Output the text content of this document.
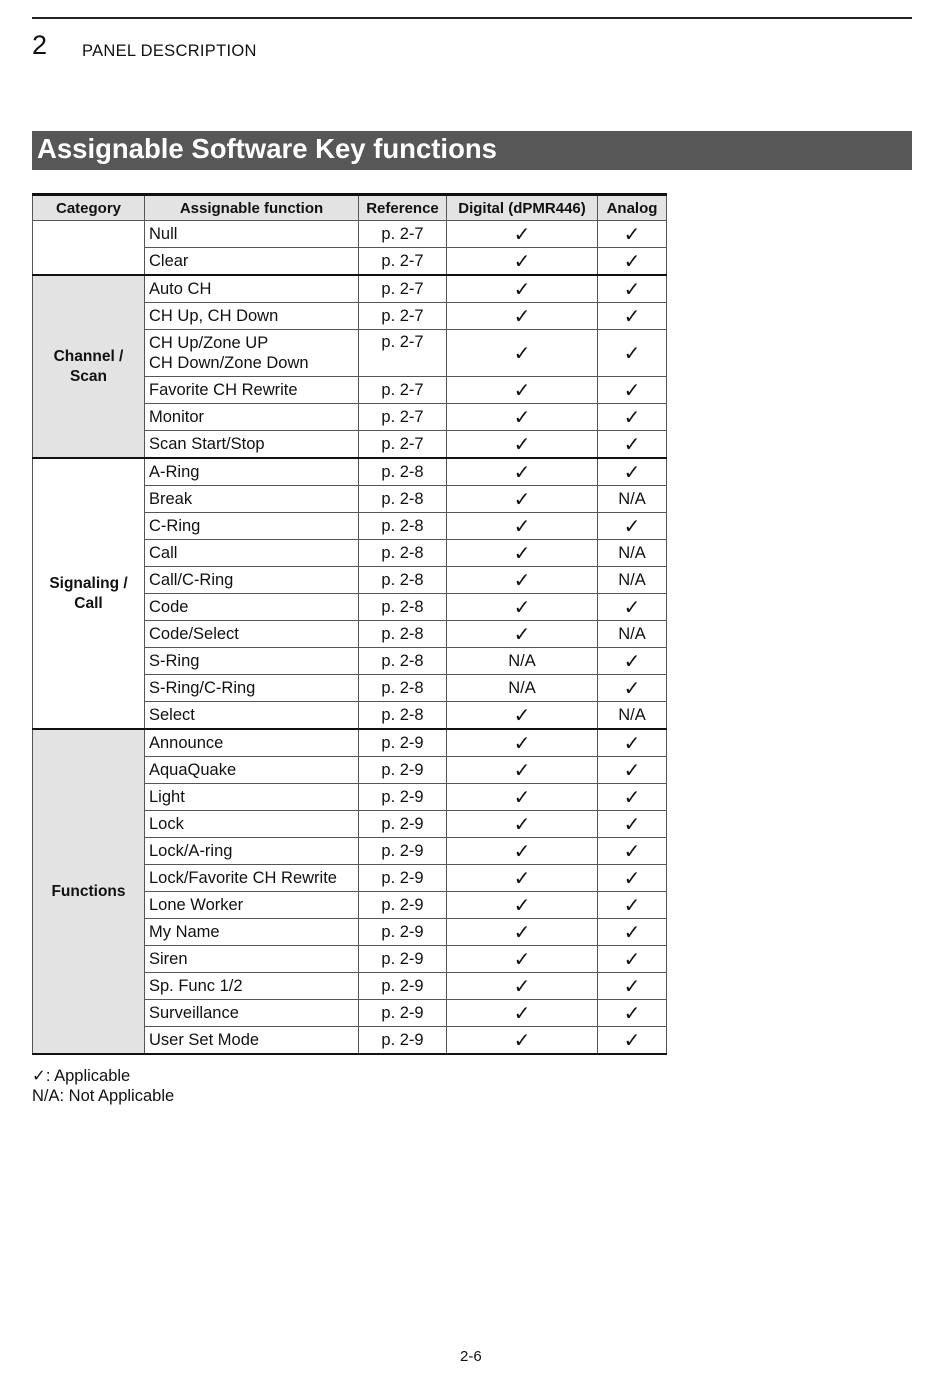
2 PANEL DESCRIPTION
Assignable Software Key functions
Category	Assignable function	Reference	Digital (dPMR446)	Analog
	Null	p. 2-7	✓	✓
	Clear	p. 2-7	✓	✓
Channel / Scan	Auto CH	p. 2-7	✓	✓
	CH Up, CH Down	p. 2-7	✓	✓
	CH Up/Zone UP
CH Down/Zone Down	p. 2-7	✓	✓
	Favorite CH Rewrite	p. 2-7	✓	✓
	Monitor	p. 2-7	✓	✓
	Scan Start/Stop	p. 2-7	✓	✓
Signaling / Call	A-Ring	p. 2-8	✓	✓
	Break	p. 2-8	✓	N/A
	C-Ring	p. 2-8	✓	✓
	Call	p. 2-8	✓	N/A
	Call/C-Ring	p. 2-8	✓	N/A
	Code	p. 2-8	✓	✓
	Code/Select	p. 2-8	✓	N/A
	S-Ring	p. 2-8	N/A	✓
	S-Ring/C-Ring	p. 2-8	N/A	✓
	Select	p. 2-8	✓	N/A
Functions	Announce	p. 2-9	✓	✓
	AquaQuake	p. 2-9	✓	✓
	Light	p. 2-9	✓	✓
	Lock	p. 2-9	✓	✓
	Lock/A-ring	p. 2-9	✓	✓
	Lock/Favorite CH Rewrite	p. 2-9	✓	✓
	Lone Worker	p. 2-9	✓	✓
	My Name	p. 2-9	✓	✓
	Siren	p. 2-9	✓	✓
	Sp. Func 1/2	p. 2-9	✓	✓
	Surveillance	p. 2-9	✓	✓
	User Set Mode	p. 2-9	✓	✓
✓: Applicable
N/A: Not Applicable
2-6
